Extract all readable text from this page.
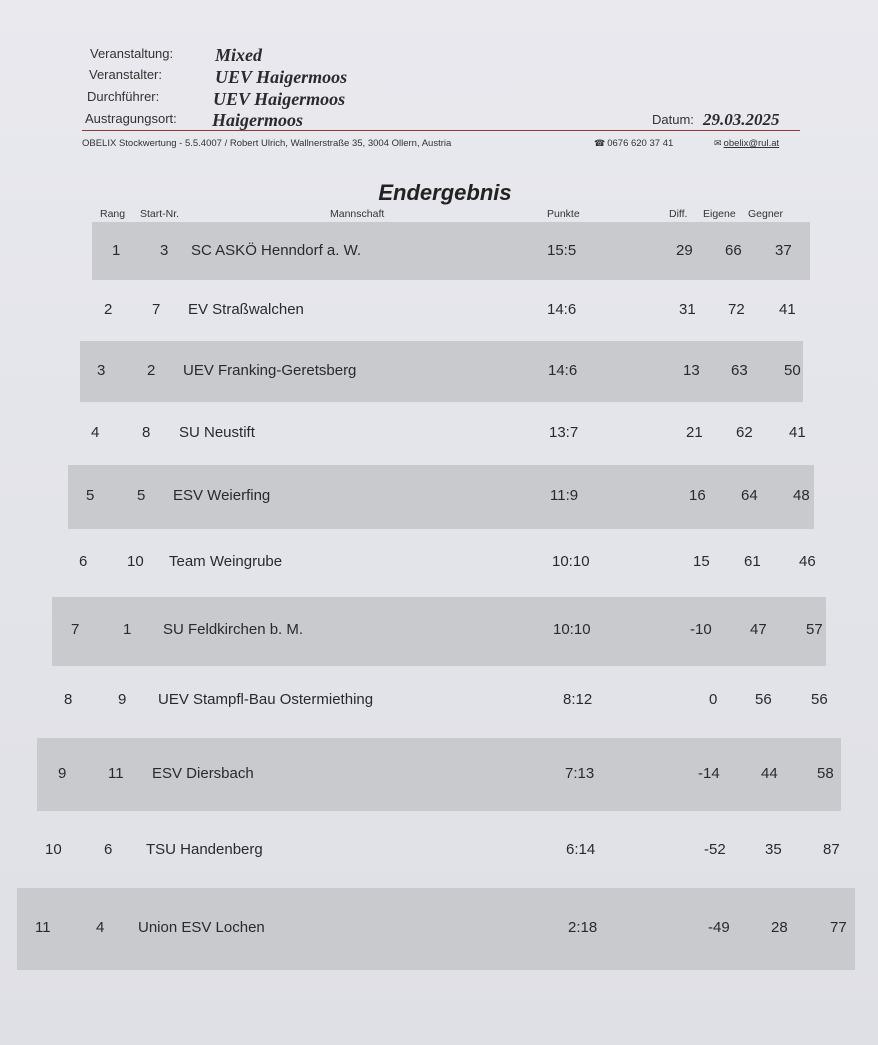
Veranstaltung: Mixed
Veranstalter:	UEV Haigermoos
Durchführer:	UEV Haigermoos
Austragungsort: Haigermoos	Datum: 29.03.2025
OBELIX Stockwertung - 5.5.4007 / Robert Ulrich, Wallnerstraße 35, 3004 Ollern, Austria	☎ 0676 620 37 41	✉ obelix@rul.at
Endergebnis
Rang Start-Nr.	Mannschaft	Punkte	Diff. Eigene Gegner
1	3 SC ASKÖ Henndorf a. W.	15:5	29 66 37
2	7 EV Straßwalchen	14:6	31 72 41
3	2 UEV Franking-Geretsberg	14:6	13 63 50
4	8 SU Neustift	13:7	21 62 41
5	5 ESV Weierfing	11:9	16 64 48
6	10 Team Weingrube	10:10	15 61	46
7	1 SU Feldkirchen b. M.	10:10	-10	47	57
8	9 UEV Stampfl-Bau Ostermiething	8:12	0	56	56
9	11 ESV Diersbach	7:13	-14	44	58
10	6 TSU Handenberg	6:14	-52	35	87
11	4 Union ESV Lochen	2:18	-49	28	77
